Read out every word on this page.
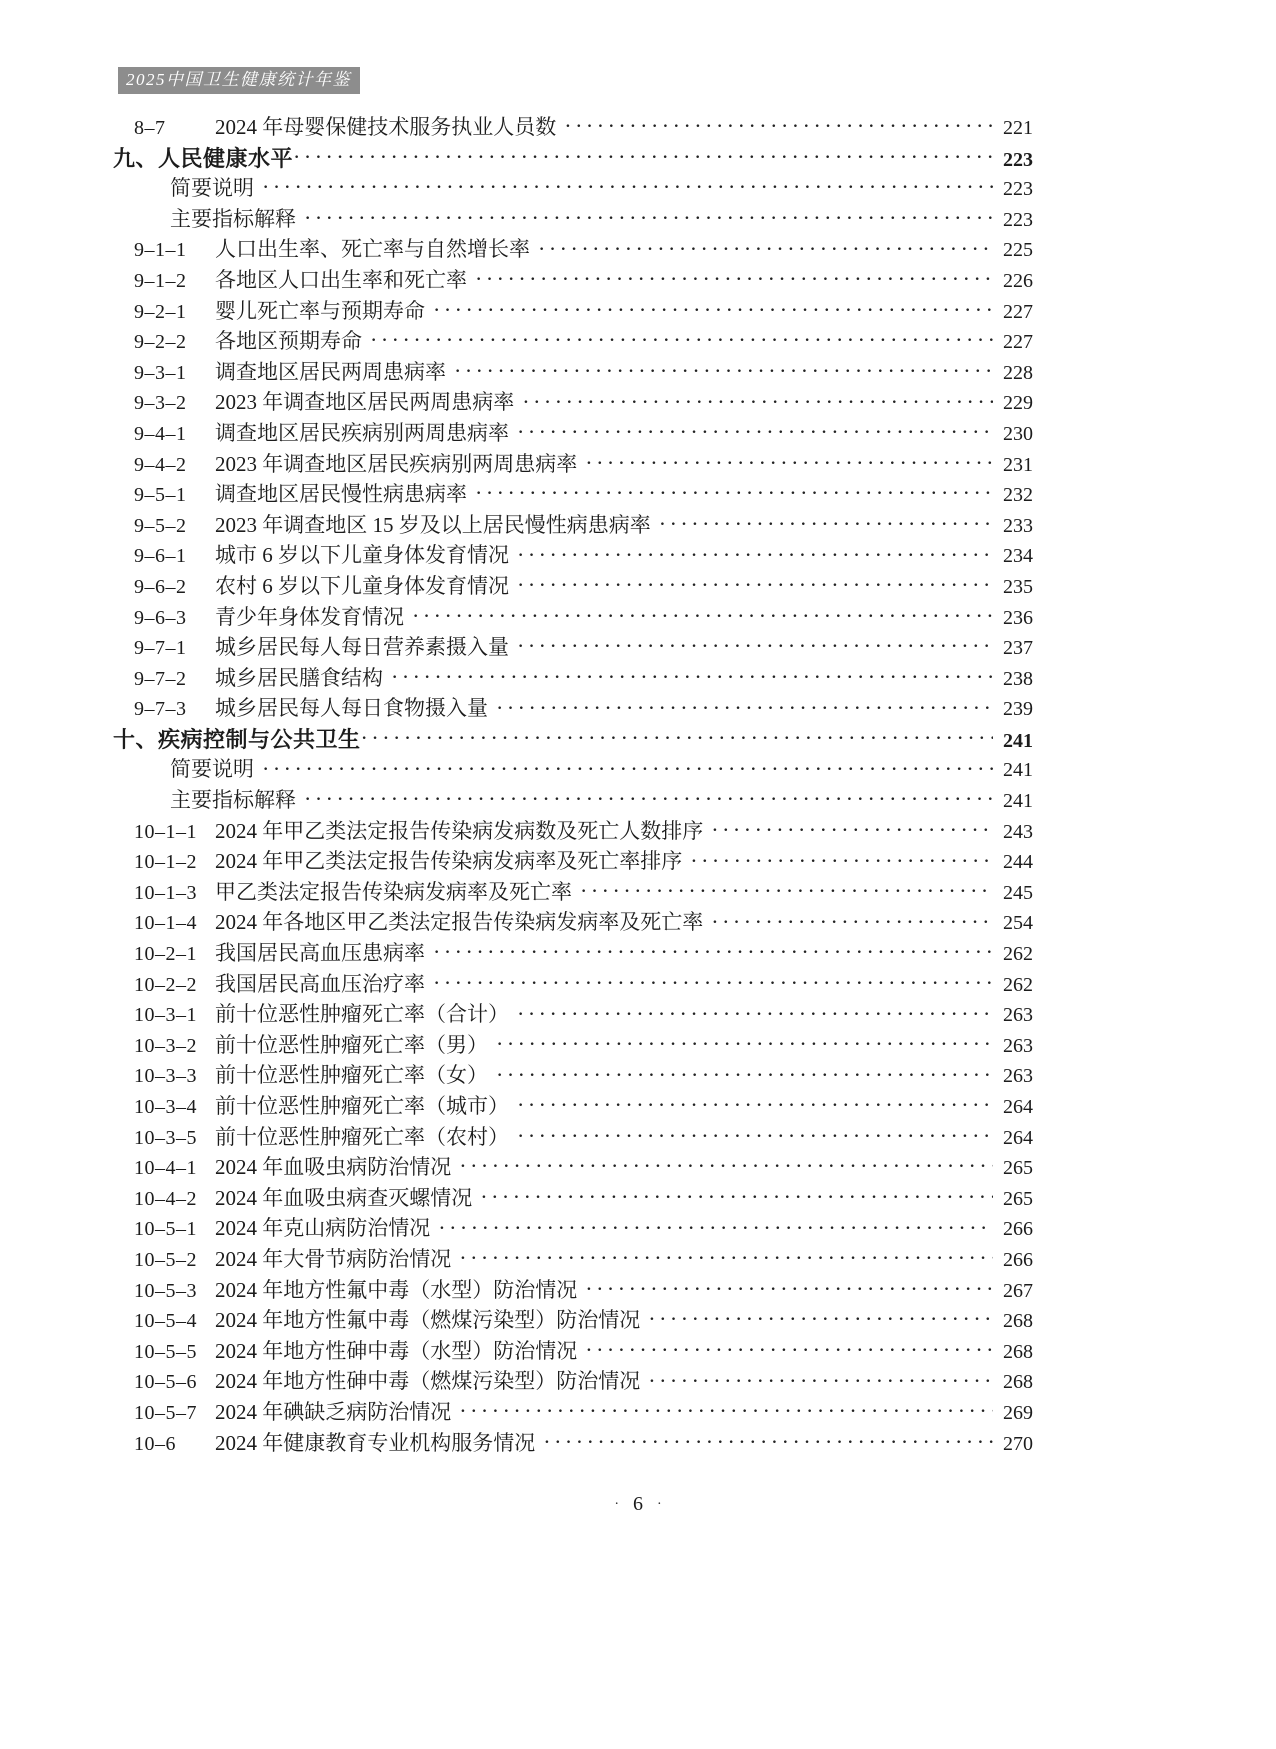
2025中国卫生健康统计年鉴
8–7	2024 年母婴保健技术服务执业人员数 ·····	221
九、人民健康水平 ·····	223
简要说明 ·····	223
主要指标解释 ·····	223
9–1–1	人口出生率、死亡率与自然增长率 ·····	225
9–1–2	各地区人口出生率和死亡率 ·····	226
9–2–1	婴儿死亡率与预期寿命 ·····	227
9–2–2	各地区预期寿命 ·····	227
9–3–1	调查地区居民两周患病率 ·····	228
9–3–2	2023 年调查地区居民两周患病率 ·····	229
9–4–1	调查地区居民疾病别两周患病率 ·····	230
9–4–2	2023 年调查地区居民疾病别两周患病率 ·····	231
9–5–1	调查地区居民慢性病患病率 ·····	232
9–5–2	2023 年调查地区 15 岁及以上居民慢性病患病率 ·····	233
9–6–1	城市 6 岁以下儿童身体发育情况 ·····	234
9–6–2	农村 6 岁以下儿童身体发育情况 ·····	235
9–6–3	青少年身体发育情况 ·····	236
9–7–1	城乡居民每人每日营养素摄入量 ·····	237
9–7–2	城乡居民膳食结构 ·····	238
9–7–3	城乡居民每人每日食物摄入量 ·····	239
十、疾病控制与公共卫生 ·····	241
简要说明 ·····	241
主要指标解释 ·····	241
10–1–1 2024 年甲乙类法定报告传染病发病数及死亡人数排序 ·····	243
10–1–2 2024 年甲乙类法定报告传染病发病率及死亡率排序 ·····	244
10–1–3 甲乙类法定报告传染病发病率及死亡率 ·····	245
10–1–4 2024 年各地区甲乙类法定报告传染病发病率及死亡率 ·····	254
10–2–1 我国居民高血压患病率 ·····	262
10–2–2 我国居民高血压治疗率 ·····	262
10–3–1 前十位恶性肿瘤死亡率（合计） ·····	263
10–3–2 前十位恶性肿瘤死亡率（男） ·····	263
10–3–3 前十位恶性肿瘤死亡率（女） ·····	263
10–3–4 前十位恶性肿瘤死亡率（城市） ·····	264
10–3–5 前十位恶性肿瘤死亡率（农村） ·····	264
10–4–1 2024 年血吸虫病防治情况 ·····	265
10–4–2 2024 年血吸虫病查灭螺情况 ·····	265
10–5–1 2024 年克山病防治情况 ·····	266
10–5–2 2024 年大骨节病防治情况 ·····	266
10–5–3 2024 年地方性氟中毒（水型）防治情况 ·····	267
10–5–4 2024 年地方性氟中毒（燃煤污染型）防治情况 ·····	268
10–5–5 2024 年地方性砷中毒（水型）防治情况 ·····	268
10–5–6 2024 年地方性砷中毒（燃煤污染型）防治情况 ·····	268
10–5–7 2024 年碘缺乏病防治情况 ·····	269
10–6	2024 年健康教育专业机构服务情况 ·····	270
· 6 ·
